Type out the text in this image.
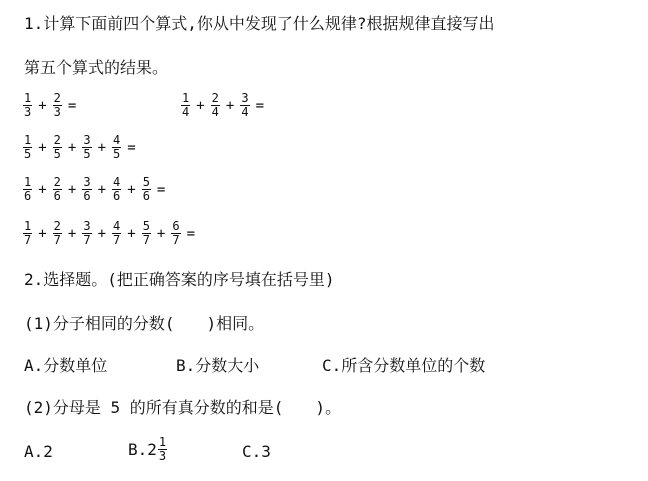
1.计算下面前四个算式,你从中发现了什么规律?根据规律直接写出
第五个算式的结果。
$\frac{1}{3} + \frac{2}{3}$ =	$\frac{1}{4} + \frac{2}{4} + \frac{3}{4}$ =
$\frac{1}{5} + \frac{2}{5} + \frac{3}{5} + \frac{4}{5}$ =
$\frac{1}{6} + \frac{2}{6} + \frac{3}{6} + \frac{4}{6} + \frac{5}{6}$ =
$\frac{1}{7} + \frac{2}{7} + \frac{3}{7} + \frac{4}{7} + \frac{5}{7} + \frac{6}{7}$ =
2.选择题。(把正确答案的序号填在括号里)
(1)分子相同的分数(　　)相同。
A.分数单位	B.分数大小	C.所含分数单位的个数
(2)分母是 5 的所有真分数的和是(　　)。
A.2	$B.2 \frac{1}{3}$	C.3
